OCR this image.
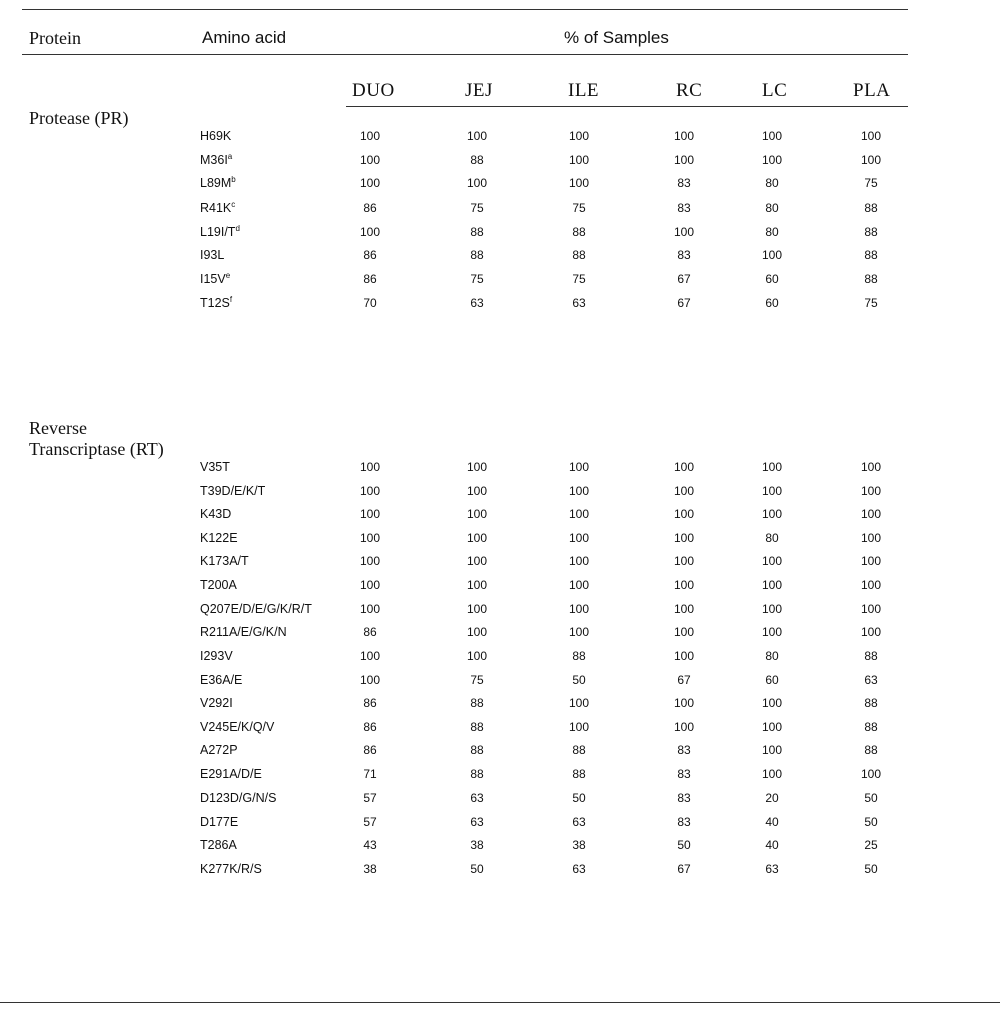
Protein	Amino acid	% of Samples
DUO	JEJ	ILE	RC	LC	PLA
Protease (PR)
H69K	100	100	100	100	100	100
$M36I^a$	100	88	100	100	100	100
$L89M^b$	100	100	100	83	80	75
$R41K^c$	86	75	75	83	80	88
$L19I/T^d$	100	88	88	100	80	88
I93L	86	88	88	83	100	88
I15Ve	86	75	75	67	60	88
$T12S^f$	70	63	63	67	60	75
Reverse
Transcriptase (RT)
V35T	100	100	100	100	100	100
T39D/E/K/T	100	100	100	100	100	100
K43D	100	100	100	100	100	100
K122E	100	100	100	100	80	100
K173A/T	100	100	100	100	100	100
T200A	100	100	100	100	100	100
Q207E/D/E/G/K/R/T	100	100	100	100	100	100
R211A/E/G/K/N	86	100	100	100	100	100
I293V	100	100	88	100	80	88
E36A/E	100	75	50	67	60	63
V292I	86	88	100	100	100	88
V245E/K/Q/V	86	88	100	100	100	88
A272P	86	88	88	83	100	88
E291A/D/E	71	88	88	83	100	100
D123D/G/N/S	57	63	50	83	20	50
D177E	57	63	63	83	40	50
T286A	43	38	38	50	40	25
K277K/R/S	38	50	63	67	63	50
